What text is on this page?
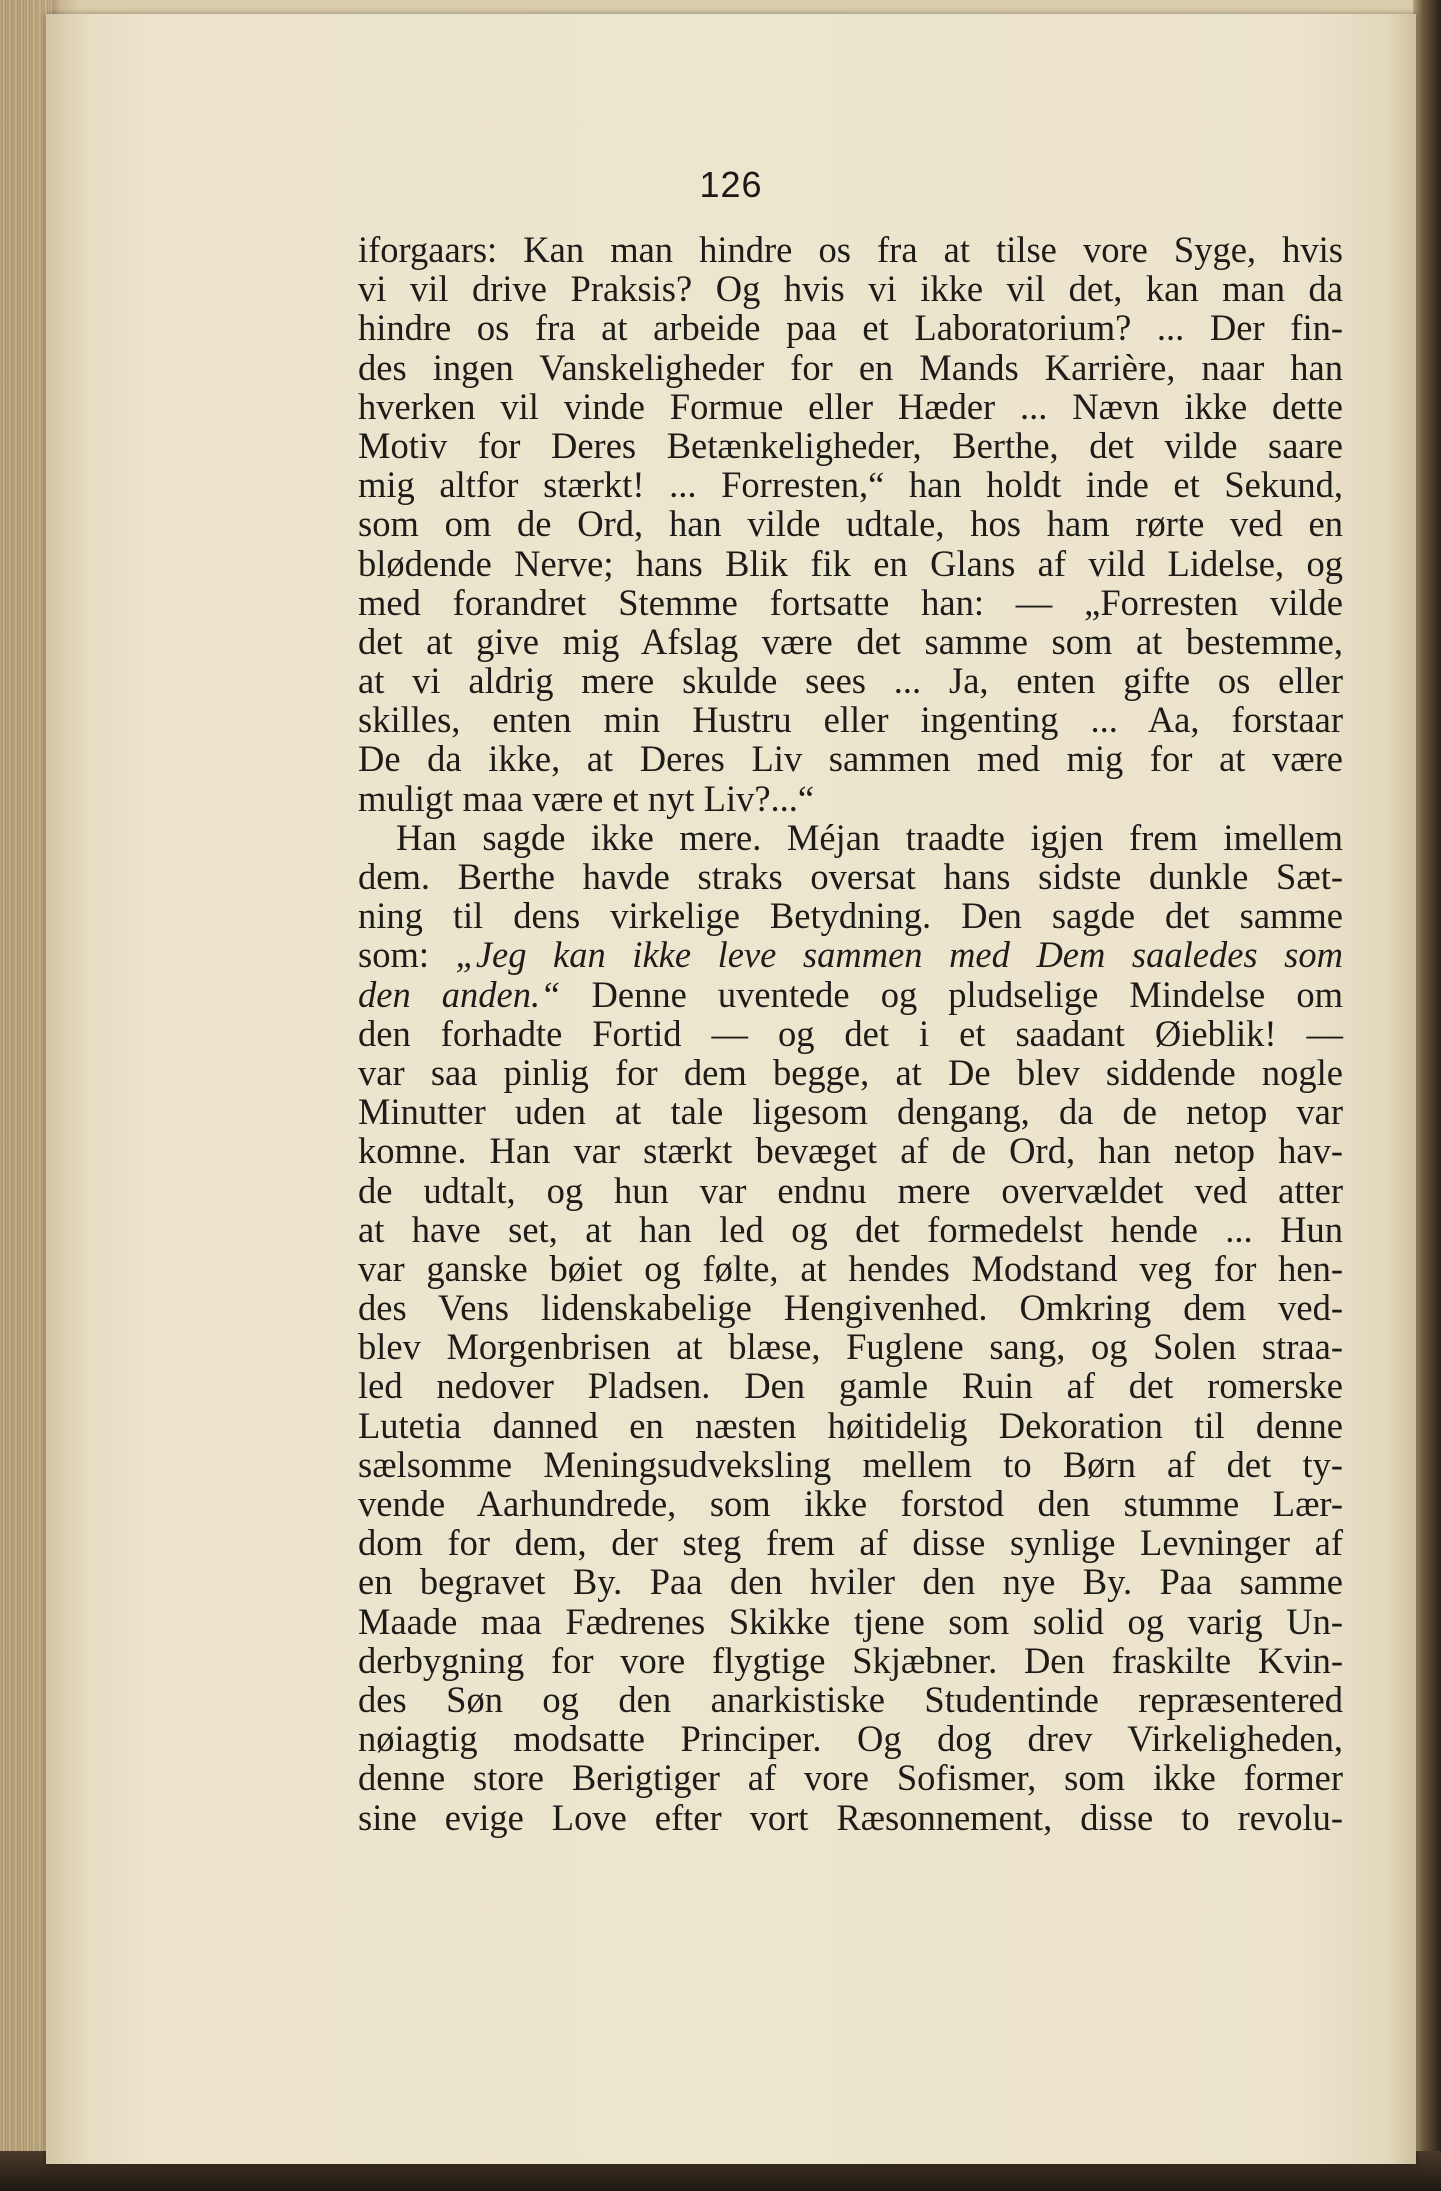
126
iforgaars: Kan man hindre os fra at tilse vore Syge, hvis
vi vil drive Praksis? Og hvis vi ikke vil det, kan man da
hindre os fra at arbeide paa et Laboratorium? ... Der fin-
des ingen Vanskeligheder for en Mands Karrière, naar han
hverken vil vinde Formue eller Hæder ... Nævn ikke dette
Motiv for Deres Betænkeligheder, Berthe, det vilde saare
mig altfor stærkt! ... Forresten,“ han holdt inde et Sekund,
som om de Ord, han vilde udtale, hos ham rørte ved en
blødende Nerve; hans Blik fik en Glans af vild Lidelse, og
med forandret Stemme fortsatte han: — „Forresten vilde
det at give mig Afslag være det samme som at bestemme,
at vi aldrig mere skulde sees ... Ja, enten gifte os eller
skilles, enten min Hustru eller ingenting ... Aa, forstaar
De da ikke, at Deres Liv sammen med mig for at være
muligt maa være et nyt Liv?...“
Han sagde ikke mere. Méjan traadte igjen frem imellem
dem. Berthe havde straks oversat hans sidste dunkle Sæt-
ning til dens virkelige Betydning. Den sagde det samme
som: „Jeg kan ikke leve sammen med Dem saaledes som
den anden.“ Denne uventede og pludselige Mindelse om
den forhadte Fortid — og det i et saadant Øieblik! —
var saa pinlig for dem begge, at De blev siddende nogle
Minutter uden at tale ligesom dengang, da de netop var
komne. Han var stærkt bevæget af de Ord, han netop hav-
de udtalt, og hun var endnu mere overvældet ved atter
at have set, at han led og det formedelst hende ... Hun
var ganske bøiet og følte, at hendes Modstand veg for hen-
des Vens lidenskabelige Hengivenhed. Omkring dem ved-
blev Morgenbrisen at blæse, Fuglene sang, og Solen straa-
led nedover Pladsen. Den gamle Ruin af det romerske
Lutetia danned en næsten høitidelig Dekoration til denne
sælsomme Meningsudveksling mellem to Børn af det ty-
vende Aarhundrede, som ikke forstod den stumme Lær-
dom for dem, der steg frem af disse synlige Levninger af
en begravet By. Paa den hviler den nye By. Paa samme
Maade maa Fædrenes Skikke tjene som solid og varig Un-
derbygning for vore flygtige Skjæbner. Den fraskilte Kvin-
des Søn og den anarkistiske Studentinde repræsentered
nøiagtig modsatte Principer. Og dog drev Virkeligheden,
denne store Berigtiger af vore Sofismer, som ikke former
sine evige Love efter vort Ræsonnement, disse to revolu-
